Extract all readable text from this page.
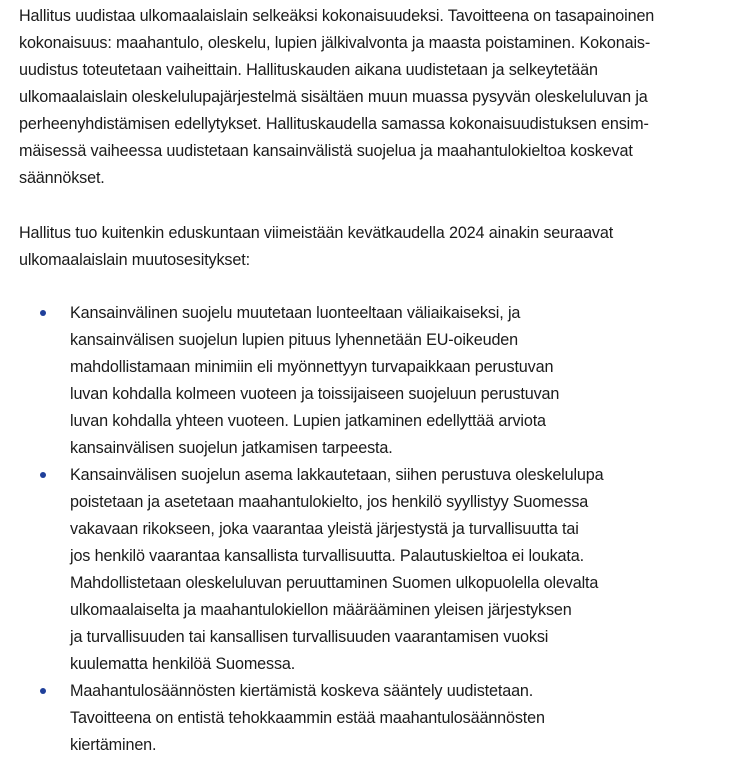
Hallitus uudistaa ulkomaalaislain selkeäksi kokonaisuudeksi. Tavoitteena on tasapainoinen
kokonaisuus: maahantulo, oleskelu, lupien jälkivalvonta ja maasta poistaminen. Kokonais-
uudistus toteutetaan vaiheittain. Hallituskauden aikana uudistetaan ja selkeytetään
ulkomaalaislain oleskelulupajärjestelmä sisältäen muun muassa pysyvän oleskeluluvan ja
perheenyhdistämisen edellytykset. Hallituskaudella samassa kokonaisuudistuksen ensim-
mäisessä vaiheessa uudistetaan kansainvälistä suojelua ja maahantulokieltoa koskevat
säännökset.
Hallitus tuo kuitenkin eduskuntaan viimeistään kevätkaudella 2024 ainakin seuraavat
ulkomaalaislain muutosesitykset:
Kansainvälinen suojelu muutetaan luonteeltaan väliaikaiseksi, ja
kansainvälisen suojelun lupien pituus lyhennetään EU-oikeuden
mahdollistamaan minimiin eli myönnettyyn turvapaikkaan perustuvan
luvan kohdalla kolmeen vuoteen ja toissijaiseen suojeluun perustuvan
luvan kohdalla yhteen vuoteen. Lupien jatkaminen edellyttää arviota
kansainvälisen suojelun jatkamisen tarpeesta.
Kansainvälisen suojelun asema lakkautetaan, siihen perustuva oleskelulupa
poistetaan ja asetetaan maahantulokielto, jos henkilö syyllistyy Suomessa
vakavaan rikokseen, joka vaarantaa yleistä järjestystä ja turvallisuutta tai
jos henkilö vaarantaa kansallista turvallisuutta. Palautuskieltoa ei loukata.
Mahdollistetaan oleskeluluvan peruuttaminen Suomen ulkopuolella olevalta
ulkomaalaiselta ja maahantulokiellon määrääminen yleisen järjestyksen
ja turvallisuuden tai kansallisen turvallisuuden vaarantamisen vuoksi
kuulematta henkilöä Suomessa.
Maahantulosäännösten kiertämistä koskeva sääntely uudistetaan.
Tavoitteena on entistä tehokkaammin estää maahantulosäännösten
kiertäminen.
